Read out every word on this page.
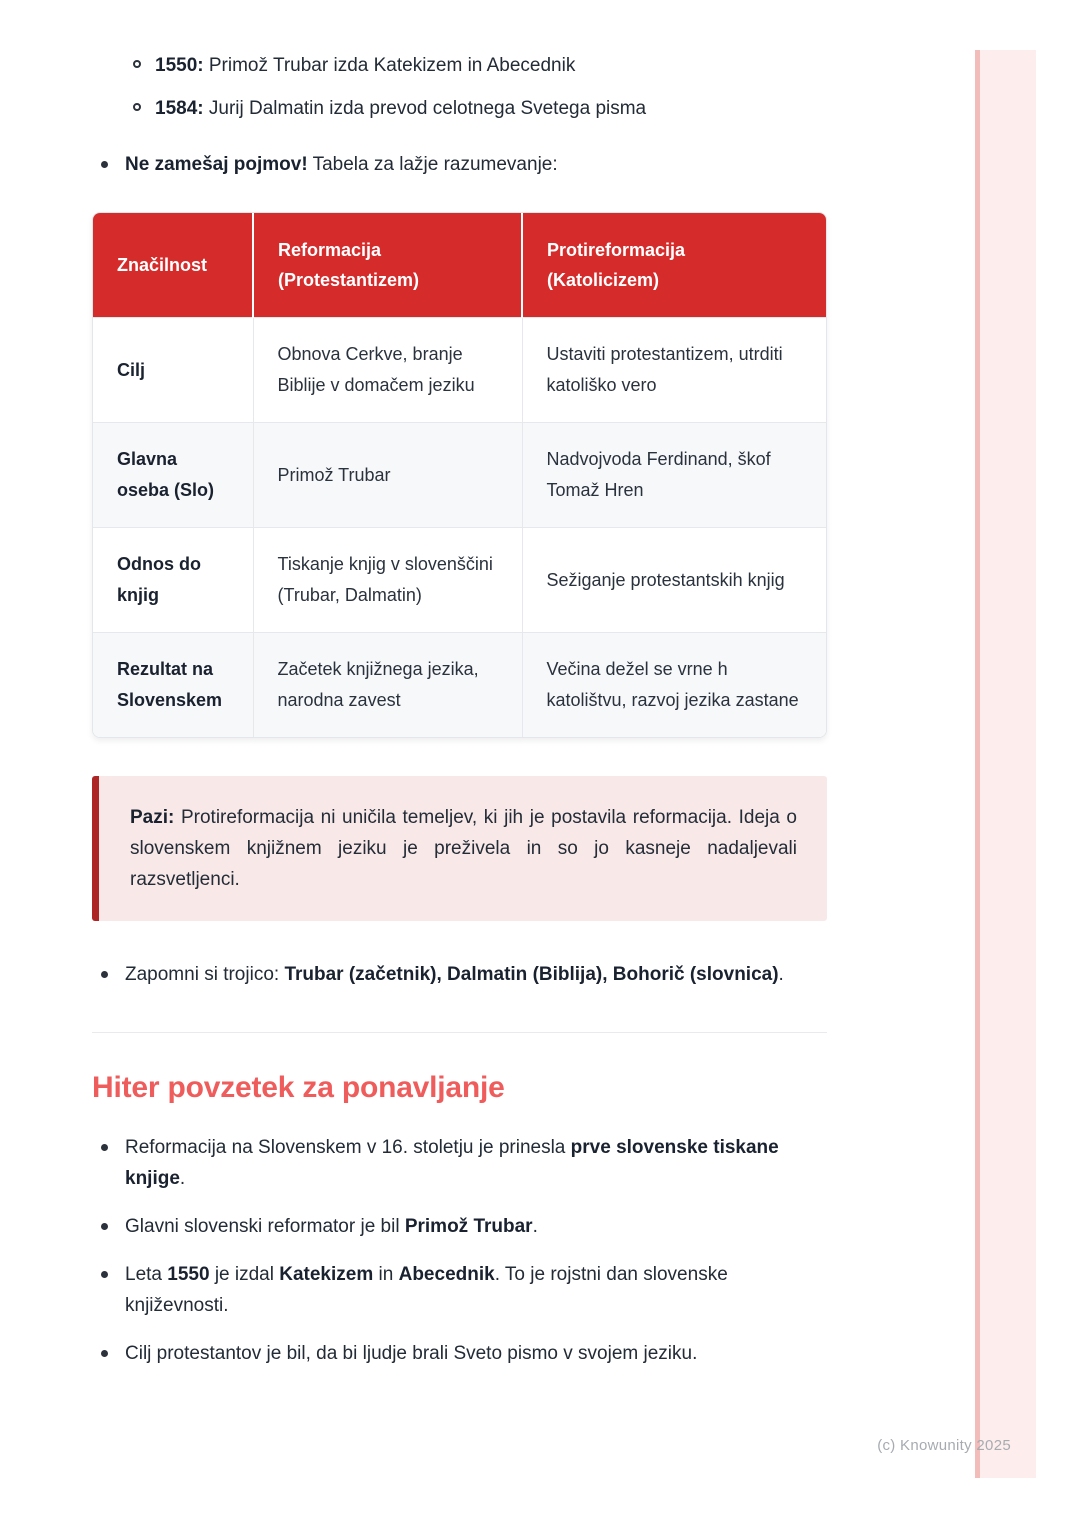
1550: Primož Trubar izda Katekizem in Abecednik
1584: Jurij Dalmatin izda prevod celotnega Svetega pisma
Ne zamešaj pojmov! Tabela za lažje razumevanje:
Značilnost	Reformacija (Protestantizem)	Protireformacija (Katolicizem)
Cilj	Obnova Cerkve, branje Biblije v domačem jeziku	Ustaviti protestantizem, utrditi katoliško vero
Glavna oseba (Slo)	Primož Trubar	Nadvojvoda Ferdinand, škof Tomaž Hren
Odnos do knjig	Tiskanje knjig v slovenščini (Trubar, Dalmatin)	Sežiganje protestantskih knjig
Rezultat na Slovenskem	Začetek knjižnega jezika, narodna zavest	Večina dežel se vrne h katolištvu, razvoj jezika zastane
Pazi: Protireformacija ni uničila temeljev, ki jih je postavila reformacija. Ideja o slovenskem knjižnem jeziku je preživela in so jo kasneje nadaljevali razsvetljenci.
Zapomni si trojico: Trubar (začetnik), Dalmatin (Biblija), Bohorič (slovnica).
Hiter povzetek za ponavljanje
Reformacija na Slovenskem v 16. stoletju je prinesla prve slovenske tiskane knjige.
Glavni slovenski reformator je bil Primož Trubar.
Leta 1550 je izdal Katekizem in Abecednik. To je rojstni dan slovenske književnosti.
Cilj protestantov je bil, da bi ljudje brali Sveto pismo v svojem jeziku.
(c) Knowunity 2025
